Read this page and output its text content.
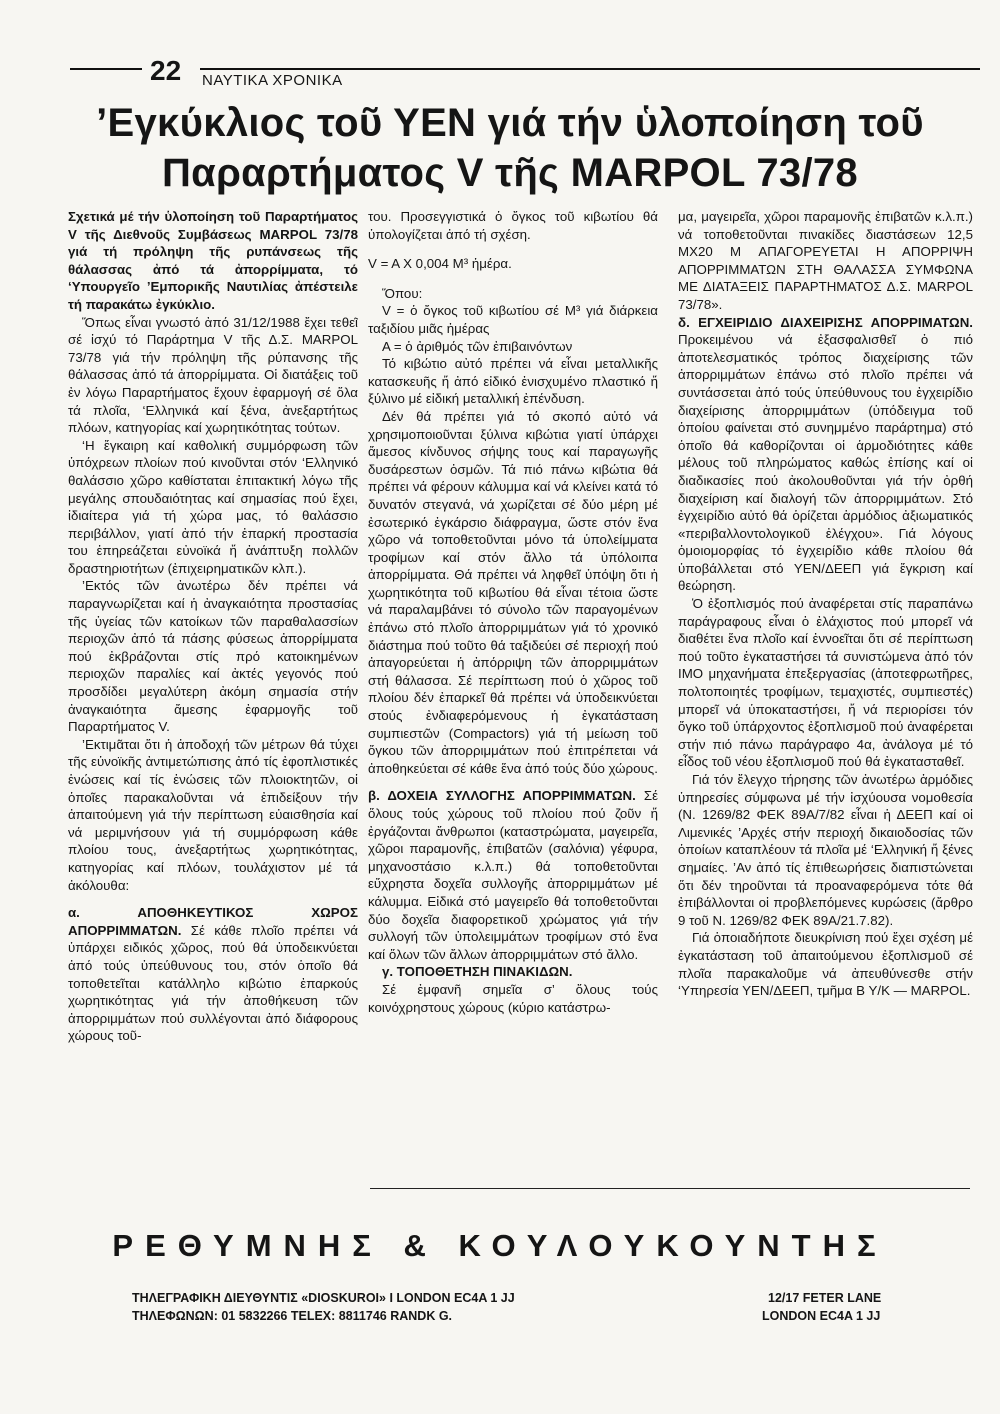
22 ΝΑΥΤΙΚΑ ΧΡΟΝΙΚΑ
’Εγκύκλιος τοῦ ΥΕΝ γιά τήν ὑλοποίηση τοῦ
Παραρτήματος V τῆς MARPOL 73/78

Σχετικά μέ τήν ὑλοποίηση τοῦ Παραρτήματος V τῆς Διεθνοῦς Συμβάσεως MARPOL 73/78 γιά τή πρόληψη τῆς ρυπάνσεως τῆς θάλασσας ἀπό τά ἀπορρίμματα, τό ‘Υπουργεῖο ’Εμπορικῆς Ναυτιλίας ἀπέστειλε τή παρακάτω ἐγκύκλιο.

Ὅπως εἶναι γνωστό ἀπό 31/12/1988 ἔχει τεθεῖ σέ ἰσχύ τό Παράρτημα V τῆς Δ.Σ. MARPOL 73/78 γιά τήν πρόληψη τῆς ρύπανσης τῆς θάλασσας ἀπό τά ἀπορρίμματα. Οἱ διατάξεις τοῦ ἐν λόγω Παραρτήματος ἔχουν ἐφαρμογή σέ ὅλα τά πλοῖα, ‘Ελληνικά καί ξένα, ἀνεξαρτήτως πλόων, κατηγορίας καί χωρητικότητας τούτων.

‘Η ἔγκαιρη καί καθολική συμμόρφωση τῶν ὑπόχρεων πλοίων πού κινοῦνται στόν ‘Ελληνικό θαλάσσιο χῶρο καθίσταται ἐπιτακτική λόγω τῆς μεγάλης σπουδαιότητας καί σημασίας πού ἔχει, ἰδιαίτερα γιά τή χώρα μας, τό θαλάσσιο περιβάλλον, γιατί ἀπό τήν ἐπαρκή προστασία του ἐπηρεάζεται εὐνοϊκά ἤ ἀνάπτυξη πολλῶν δραστηριοτήτων (ἐπιχειρηματικῶν κλπ.).

’Εκτός τῶν ἀνωτέρω δέν πρέπει νά παραγνωρίζεται καί ἡ ἀναγκαιότητα προστασίας τῆς ὑγείας τῶν κατοίκων τῶν παραθαλασσίων περιοχῶν ἀπό τά πάσης φύσεως ἀπορρίμματα πού ἐκβράζονται στίς πρό κατοικημένων περιοχῶν παραλίες καί ἀκτές γεγονός πού προσδίδει μεγαλύτερη ἀκόμη σημασία στήν ἀναγκαιότητα ἄμεσης ἐφαρμογῆς τοῦ Παραρτήματος V.

’Εκτιμᾶται ὅτι ἡ ἀποδοχή τῶν μέτρων θά τύχει τῆς εὐνοϊκῆς ἀντιμετώπισης ἀπό τίς ἐφοπλιστικές ἑνώσεις καί τίς ἑνώσεις τῶν πλοιοκτητῶν, οἱ ὁποῖες παρακαλοῦνται νά ἐπιδείξουν τήν ἀπαιτούμενη γιά τήν περίπτωση εὐαισθησία καί νά μεριμνήσουν γιά τή συμμόρφωση κάθε πλοίου τους, ἀνεξαρτήτως χωρητικότητας, κατηγορίας καί πλόων, τουλάχιστον μέ τά ἀκόλουθα:

α. ΑΠΟΘΗΚΕΥΤΙΚΟΣ ΧΩΡΟΣ ΑΠΟΡΡΙΜΜΑΤΩΝ. Σέ κάθε πλοῖο πρέπει νά ὑπάρχει ειδικός χῶρος, πού θά ὑποδεικνύεται ἀπό τούς ὑπεύθυνους του, στόν ὁποῖο θά τοποθετεῖται κατάλληλο κιβώτιο ἐπαρκούς χωρητικότητας γιά τήν ἀποθήκευση τῶν ἀπορριμμάτων πού συλλέγονται ἀπό διάφορους χώρους τοῦ-

του. Προσεγγιστικά ὁ ὄγκος τοῦ κιβωτίου θά ὑπολογίζεται ἀπό τή σχέση.

V = A X 0,004 M³ ἡμέρα.

Ὅπου:

V = ὁ ὄγκος τοῦ κιβωτίου σέ M³ γιά διάρκεια ταξιδίου μιᾶς ἡμέρας

A = ὁ ἀριθμός τῶν ἐπιβαινόντων

Τό κιβώτιο αὐτό πρέπει νά εἶναι μεταλλικῆς κατασκευῆς ἤ ἀπό εἰδικό ἐνισχυμένο πλαστικό ἤ ξύλινο μέ εἰδική μεταλλική ἐπένδυση.

Δέν θά πρέπει γιά τό σκοπό αὐτό νά χρησιμοποιοῦνται ξύλινα κιβώτια γιατί ὑπάρχει ἄμεσος κίνδυνος σήψης τους καί παραγωγῆς δυσάρεστων ὀσμῶν. Τά πιό πάνω κιβώτια θά πρέπει νά φέρουν κάλυμμα καί νά κλείνει κατά τό δυνατόν στεγανά, νά χωρίζεται σέ δύο μέρη μέ ἐσωτερικό ἐγκάρσιο διάφραγμα, ὥστε στόν ἕνα χῶρο νά τοποθετοῦνται μόνο τά ὑπολείμματα τροφίμων καί στόν ἄλλο τά ὑπόλοιπα ἀπορρίμματα. Θά πρέπει νά ληφθεῖ ὑπόψη ὅτι ἡ χωρητικότητα τοῦ κιβωτίου θά εἶναι τέτοια ὥστε νά παραλαμβάνει τό σύνολο τῶν παραγομένων ἐπάνω στό πλοῖο ἀπορριμμάτων γιά τό χρονικό διάστημα πού τοῦτο θά ταξιδεύει σέ περιοχή πού ἀπαγορεύεται ἡ ἀπόρριψη τῶν ἀπορριμμάτων στή θάλασσα. Σέ περίπτωση πού ὁ χῶρος τοῦ πλοίου δέν ἐπαρκεῖ θά πρέπει νά ὑποδεικνύεται στούς ἐνδιαφερόμενους ἡ ἐγκατάσταση συμπιεστῶν (Compactors) γιά τή μείωση τοῦ ὄγκου τῶν ἀπορριμμάτων πού ἐπιτρέπεται νά ἀποθηκεύεται σέ κάθε ἕνα ἀπό τούς δύο χώρους.

β. ΔΟΧΕΙΑ ΣΥΛΛΟΓΗΣ ΑΠΟΡΡΙΜΜΑΤΩΝ. Σέ ὅλους τούς χώρους τοῦ πλοίου πού ζοῦν ἤ ἐργάζονται ἄνθρωποι (καταστρώματα, μαγειρεῖα, χῶροι παραμονῆς, ἐπιβατῶν (σαλόνια) γέφυρα, μηχανοστάσιο κ.λ.π.) θά τοποθετοῦνται εὔχρηστα δοχεῖα συλλογῆς ἀπορριμμάτων μέ κάλυμμα. Εἰδικά στό μαγειρεῖο θά τοποθετοῦνται δύο δοχεῖα διαφορετικοῦ χρώματος γιά τήν συλλογή τῶν ὑπολειμμάτων τροφίμων στό ἕνα καί ὅλων τῶν ἄλλων ἀπορριμμάτων στό ἄλλο.

γ. ΤΟΠΟΘΕΤΗΣΗ ΠΙΝΑΚΙΔΩΝ.

Σέ ἐμφανῆ σημεῖα σ’ ὅλους τούς κοινόχρηστους χώρους (κύριο κατάστρω-

μα, μαγειρεῖα, χῶροι παραμονῆς ἐπιβατῶν κ.λ.π.) νά τοποθετοῦνται πινακίδες διαστάσεων 12,5 MX20 M ΑΠΑΓΟΡΕΥΕΤΑΙ Η ΑΠΟΡΡΙΨΗ ΑΠΟΡΡΙΜΜΑΤΩΝ ΣΤΗ ΘΑΛΑΣΣΑ ΣΥΜΦΩΝΑ ΜΕ ΔΙΑΤΑΞΕΙΣ ΠΑΡΑΡΤΗΜΑΤΟΣ Δ.Σ. MARPOL 73/78».

δ. ΕΓΧΕΙΡΙΔΙΟ ΔΙΑΧΕΙΡΙΣΗΣ ΑΠΟΡΡΙΜΑΤΩΝ. Προκειμένου νά ἐξασφαλισθεῖ ὁ πιό ἀποτελεσματικός τρόπος διαχείρισης τῶν ἀπορριμμάτων ἐπάνω στό πλοῖο πρέπει νά συντάσσεται ἀπό τούς ὑπεύθυνους του ἐγχειρίδιο διαχείρισης ἀπορριμμάτων (ὑπόδειγμα τοῦ ὁποίου φαίνεται στό συνημμένο παράρτημα) στό ὁποῖο θά καθορίζονται οἱ ἁρμοδιότητες κάθε μέλους τοῦ πληρώματος καθώς ἐπίσης καί οἱ διαδικασίες πού ἀκολουθοῦνται γιά τήν ὀρθή διαχείριση καί διαλογή τῶν ἀπορριμμάτων. Στό ἐγχειρίδιο αὐτό θά ὁρίζεται ἁρμόδιος ἀξιωματικός «περιβαλλοντολογικοῦ ἐλέγχου». Γιά λόγους ὁμοιομορφίας τό ἐγχειρίδιο κάθε πλοίου θά ὑποβάλλεται στό ΥΕΝ/ΔΕΕΠ γιά ἔγκριση καί θεώρηση.

Ὁ ἐξοπλισμός πού ἀναφέρεται στίς παραπάνω παράγραφους εἶναι ὁ ἐλάχιστος πού μπορεῖ νά διαθέτει ἕνα πλοῖο καί ἐννοεῖται ὅτι σέ περίπτωση πού τοῦτο ἐγκαταστήσει τά συνιστώμενα ἀπό τόν IMO μηχανήματα ἐπεξεργασίας (ἀποτεφρωτῆρες, πολτοποιητές τροφίμων, τεμαχιστές, συμπιεστές) μπορεῖ νά ὑποκαταστήσει, ἤ νά περιορίσει τόν ὄγκο τοῦ ὑπάρχοντος ἐξοπλισμοῦ πού ἀναφέρεται στήν πιό πάνω παράγραφο 4α, ἀνάλογα μέ τό εἶδος τοῦ νέου ἐξοπλισμοῦ πού θά ἐγκατασταθεῖ.

Γιά τόν ἔλεγχο τήρησης τῶν ἀνωτέρω ἁρμόδιες ὑπηρεσίες σύμφωνα μέ τήν ἰσχύουσα νομοθεσία (Ν. 1269/82 ΦΕΚ 89Α/7/82 εἶναι ἡ ΔΕΕΠ καί οἱ Λιμενικές ’Αρχές στήν περιοχή δικαιοδοσίας τῶν ὁποίων καταπλέουν τά πλοῖα μέ ‘Ελληνική ἤ ξένες σημαίες. ’Αν ἀπό τίς ἐπιθεωρήσεις διαπιστώνεται ὅτι δέν τηροῦνται τά προαναφερόμενα τότε θά ἐπιβάλλονται οἱ προβλεπόμενες κυρώσεις (ἄρθρο 9 τοῦ Ν. 1269/82 ΦΕΚ 89Α/21.7.82).

Γιά ὁποιαδήποτε διευκρίνιση πού ἔχει σχέση μέ ἐγκατάσταση τοῦ ἀπαιτούμενου ἐξοπλισμοῦ σέ πλοῖα παρακαλοῦμε νά ἀπευθύνεσθε στήν ‘Υπηρεσία ΥΕΝ/ΔΕΕΠ, τμῆμα Β Υ/Κ — MARPOL.

ΡΕΘΥΜΝΗΣ & ΚΟΥΛΟΥΚΟΥΝΤΗΣ
ΤΗΛΕΓΡΑΦΙΚΗ ΔΙΕΥΘΥΝΤΙΣ «DIOSKUROI» I LONDON EC4A 1 JJ
ΤΗΛΕΦΩΝΩΝ: 01 5832266 TELEX: 8811746 RANDK G.
12/17 FETER LANE
LONDON EC4A 1 JJ
